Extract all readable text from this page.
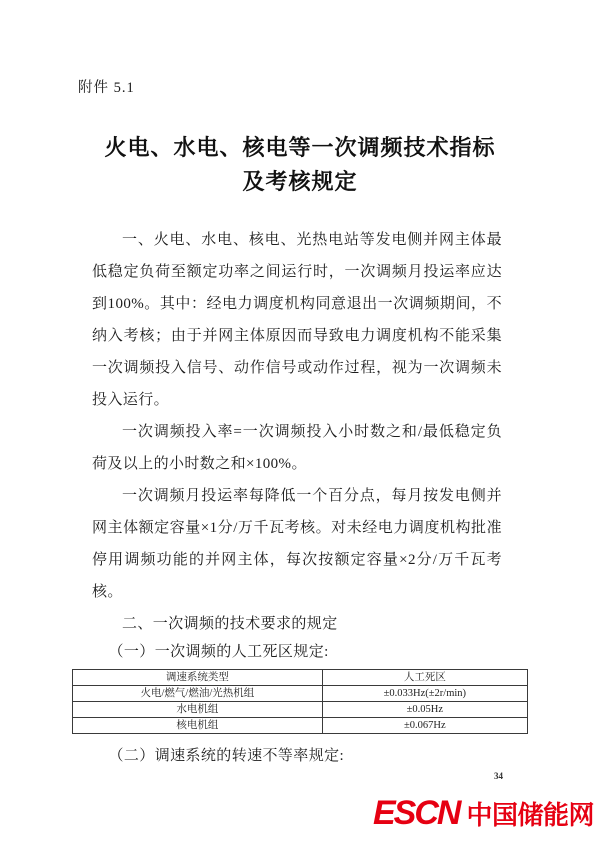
附件 5.1
火电、水电、核电等一次调频技术指标
及考核规定

一、火电、水电、核电、光热电站等发电侧并网主体最低稳定负荷至额定功率之间运行时，一次调频月投运率应达到100%。其中：经电力调度机构同意退出一次调频期间，不纳入考核；由于并网主体原因而导致电力调度机构不能采集一次调频投入信号、动作信号或动作过程，视为一次调频未投入运行。

一次调频投入率=一次调频投入小时数之和/最低稳定负荷及以上的小时数之和×100%。

一次调频月投运率每降低一个百分点，每月按发电侧并网主体额定容量×1分/万千瓦考核。对未经电力调度机构批准停用调频功能的并网主体，每次按额定容量×2分/万千瓦考核。

二、一次调频的技术要求的规定

（一）一次调频的人工死区规定:

调速系统类型	人工死区
火电/燃气/燃油/光热机组	±0.033Hz(±2r/min)
水电机组	±0.05Hz
核电机组	±0.067Hz

（二）调速系统的转速不等率规定:

34
ESCN 中国储能网
